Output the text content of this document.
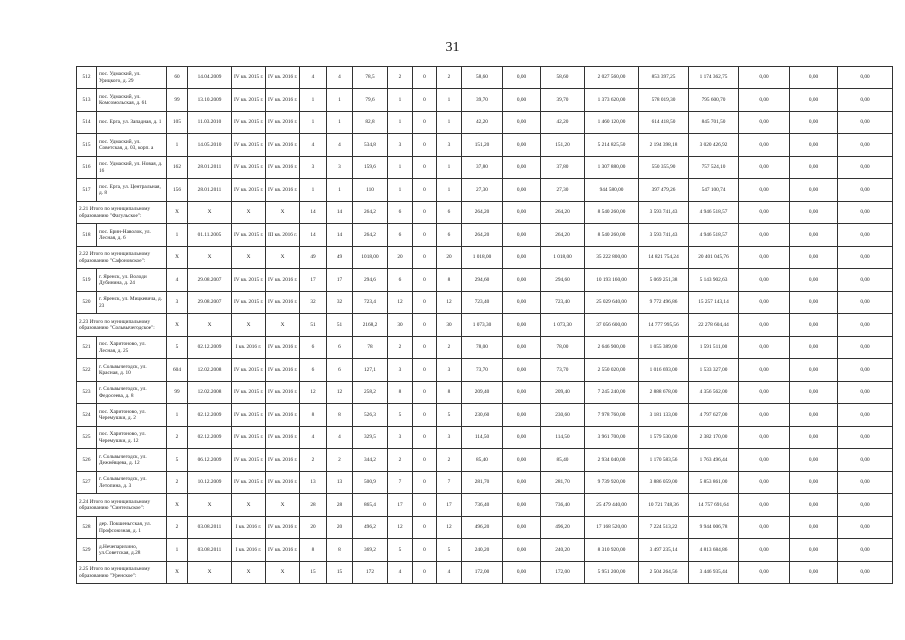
31
512	пос. Удмаский, ул. Урицкого, д. 29	60	14.04.2009	IV кв. 2015 г.	IV кв. 2016 г.	4	4	78,5	2	0	2	58,60	0,00	58,60	2 027 560,00	853 397,25	1 174 362,75	0,00	0,00	0,00
513	пос. Удмаский, ул. Комсомольская, д. 61	99	13.10.2009	IV кв. 2015 г.	IV кв. 2016 г.	1	1	79,6	1	0	1	39,70	0,00	39,70	1 373 620,00	578 019,30	795 600,70	0,00	0,00	0,00
514	пос. Ерга, ул. Западная, д. 1	105	11.03.2010	IV кв. 2015 г.	IV кв. 2016 г.	1	1	82,8	1	0	1	42,20	0,00	42,20	1 460 120,00	614 418,50	845 701,50	0,00	0,00	0,00
515	пос. Удмаский, ул. Советская, д. 03, корп. а	1	14.05.2010	IV кв. 2015 г.	IV кв. 2016 г.	4	4	534,8	3	0	3	151,20	0,00	151,20	5 214 825,50	2 194 398,18	3 020 426,92	0,00	0,00	0,00
516	пос. Удмаский, ул. Новая, д. 16	162	28.01.2011	IV кв. 2015 г.	IV кв. 2016 г.	3	3	159,6	1	0	1	37,80	0,00	37,80	1 307 880,00	550 355,90	757 524,10	0,00	0,00	0,00
517	пос. Ерга, ул. Центральная, д. 8	156	28.01.2011	IV кв. 2015 г.	IV кв. 2016 г.	1	1	110	1	0	1	27,30	0,00	27,30	944 580,00	397 479,26	547 100,74	0,00	0,00	0,00
2.21 Итого по муниципальному образованию "Фагульское":		X	X	X	X	14	14	264,2	6	0	6	264,20	0,00	264,20	8 540 260,00	3 593 741,43	4 946 518,57	0,00	0,00	0,00
518	пос. Брин-Наволок, ул. Лесная, д. 6	1	01.11.2005	IV кв. 2015 г.	III кв. 2016 г.	14	14	264,2	6	0	6	264,20	0,00	264,20	8 540 260,00	3 593 741,43	4 946 518,57	0,00	0,00	0,00
2.22 Итого по муниципальному образованию "Сафоновское":		X	X	X	X	49	49	1018,00	20	0	20	1 018,00	0,00	1 018,00	35 222 800,00	14 821 754,24	20 401 045,76	0,00	0,00	0,00
519	г. Яренск, ул. Володи Дубинина, д. 24	4	29.08.2007	IV кв. 2015 г.	IV кв. 2016 г.	17	17	294,6	6	0	8	294,60	0,00	294,60	10 193 160,00	5 069 251,38	5 143 902,63	0,00	0,00	0,00
520	г. Яренск, ул. Мицкевича, д. 23	3	29.08.2007	IV кв. 2015 г.	IV кв. 2016 г.	32	32	723,4	12	0	12	723,40	0,00	723,40	25 029 640,00	9 772 496,86	15 257 143,14	0,00	0,00	0,00
2.23 Итого по муниципальному образованию "Сольвычегодское":		X	X	X	X	51	51	2168,2	30	0	30	1 073,30	0,00	1 073,30	37 056 600,00	14 777 995,56	22 278 604,44	0,00	0,00	0,00
521	пос. Харитоново, ул. Лесная, д. 25	5	02.12.2009	I кв. 2016 г.	IV кв. 2016 г.	6	6	78	2	0	2	78,00	0,00	78,00	2 646 900,00	1 055 389,00	1 591 511,00	0,00	0,00	0,00
522	г. Сольвычегодск, ул. Красная, д. 10	604	12.02.2008	IV кв. 2015 г.	IV кв. 2016 г.	6	6	127,1	3	0	3	73,70	0,00	73,70	2 550 020,00	1 016 693,00	1 533 327,00	0,00	0,00	0,00
523	г. Сольвычегодск, ул. Федосеева, д. 8	99	12.02.2008	IV кв. 2015 г.	IV кв. 2016 г.	12	12	258,2	8	0	8	209,40	0,00	209,40	7 245 240,00	2 888 678,00	4 356 562,00	0,00	0,00	0,00
524	пос. Харитоново, ул. Черемушки, д. 2	1	02.12.2009	IV кв. 2015 г.	IV кв. 2016 г.	8	8	526,3	5	0	5	230,60	0,00	230,60	7 978 760,00	3 181 133,00	4 797 627,00	0,00	0,00	0,00
525	пос. Харитоново, ул. Черемушки, д. 12	2	02.12.2009	IV кв. 2015 г.	IV кв. 2016 г.	4	4	329,5	3	0	3	114,50	0,00	114,50	3 961 700,00	1 579 530,00	2 382 170,00	0,00	0,00	0,00
526	г. Сольвычегодск, ул. Дежнёвцева, д. 12	5	06.12.2009	IV кв. 2015 г.	IV кв. 2016 г.	2	2	344,2	2	0	2	85,40	0,00	85,40	2 934 040,00	1 170 583,56	1 763 496,44	0,00	0,00	0,00
527	г. Сольвычегодск, ул. Летопина, д. 3	2	10.12.2009	IV кв. 2015 г.	IV кв. 2016 г.	13	13	500,9	7	0	7	281,70	0,00	281,70	9 739 920,00	3 886 059,00	5 853 861,00	0,00	0,00	0,00
2.24 Итого по муниципальному образованию "Синтельское":		X	X	X	X	28	28	865,4	17	0	17	736,40	0,00	736,40	25 479 440,00	10 721 748,36	14 757 691,64	0,00	0,00	0,00
528	дер. Покшеньгская, ул. Профсоюзная, д. 1	2	03.08.2011	I кв. 2016 г.	IV кв. 2016 г.	20	20	496,2	12	0	12	496,20	0,00	496,20	17 168 520,00	7 224 513,22	9 944 006,78	0,00	0,00	0,00
529	д.Нечепарихино, ул.Советская, д.28	1	03.08.2011	I кв. 2016 г.	IV кв. 2016 г.	8	8	369,2	5	0	5	240,20	0,00	240,20	8 310 920,00	3 497 235,14	4 813 684,86	0,00	0,00	0,00
2.25 Итого по муниципальному образованию "Уренское":		X	X	X	X	15	15	172	4	0	4	172,00	0,00	172,00	5 951 200,00	2 504 264,56	3 446 935,44	0,00	0,00	0,00
